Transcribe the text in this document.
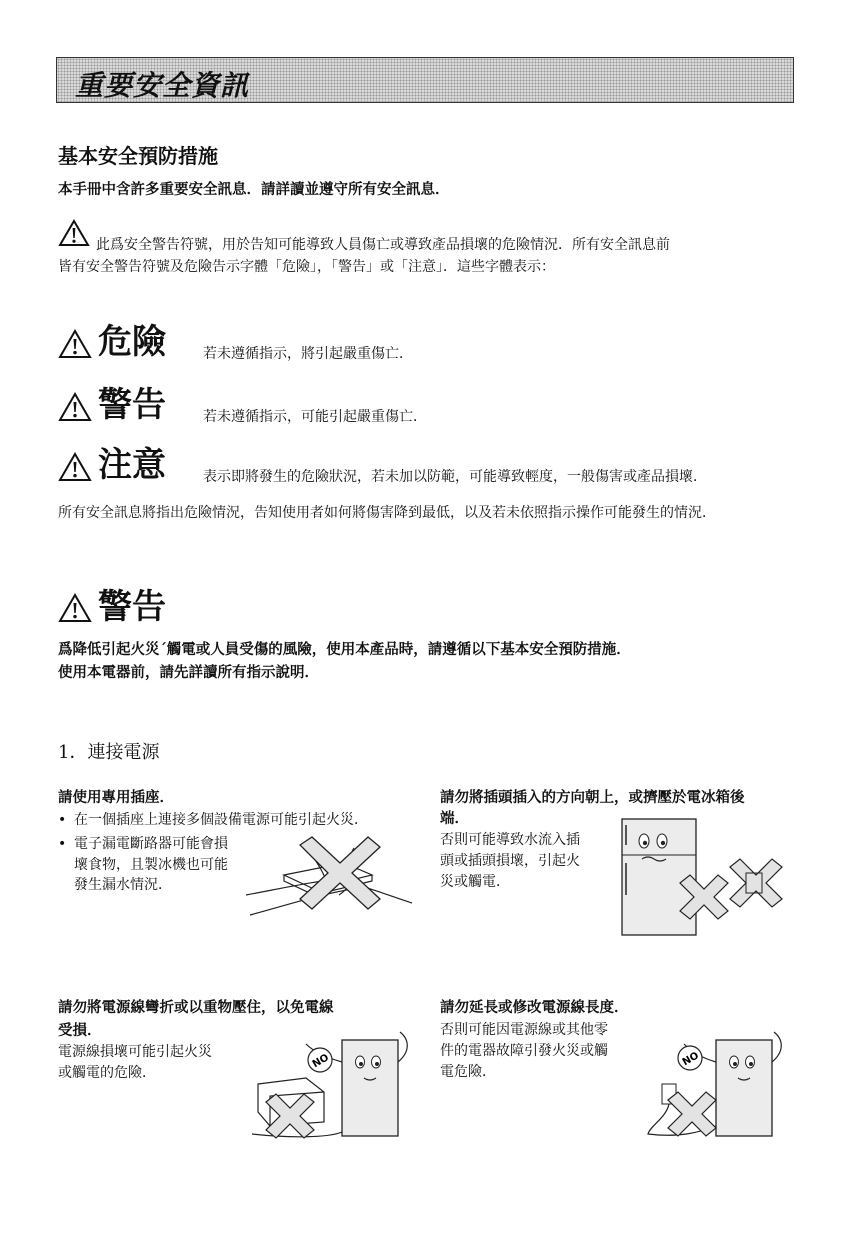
重要安全資訊
基本安全預防措施
本手冊中含許多重要安全訊息．請詳讀並遵守所有安全訊息．
此爲安全警告符號，用於告知可能導致人員傷亡或導致產品損壞的危險情況．所有安全訊息前
皆有安全警告符號及危險告示字體「危險」，「警告」或「注意」．這些字體表示：
危險	若未遵循指示，將引起嚴重傷亡．
警告	若未遵循指示，可能引起嚴重傷亡．
注意	表示即將發生的危險狀況，若未加以防範，可能導致輕度，一般傷害或產品損壞．
所有安全訊息將指出危險情況，告知使用者如何將傷害降到最低，以及若未依照指示操作可能發生的情況．
警告
爲降低引起火災´觸電或人員受傷的風險，使用本產品時，請遵循以下基本安全預防措施．
使用本電器前，請先詳讀所有指示說明．
1．連接電源
請使用專用插座．
• 在一個插座上連接多個設備電源可能引起火災．
• 電子漏電斷路器可能會損
壞食物，且製冰機也可能
發生漏水情況．
請勿將插頭插入的方向朝上，或擠壓於電冰箱後
端．
否則可能導致水流入插
頭或插頭損壞，引起火
災或觸電．
請勿將電源線彎折或以重物壓住，以免電線
受損．
電源線損壞可能引起火災
或觸電的危險．
NO
請勿延長或修改電源線長度．
否則可能因電源線或其他零
件的電器故障引發火災或觸
電危險．
NO
